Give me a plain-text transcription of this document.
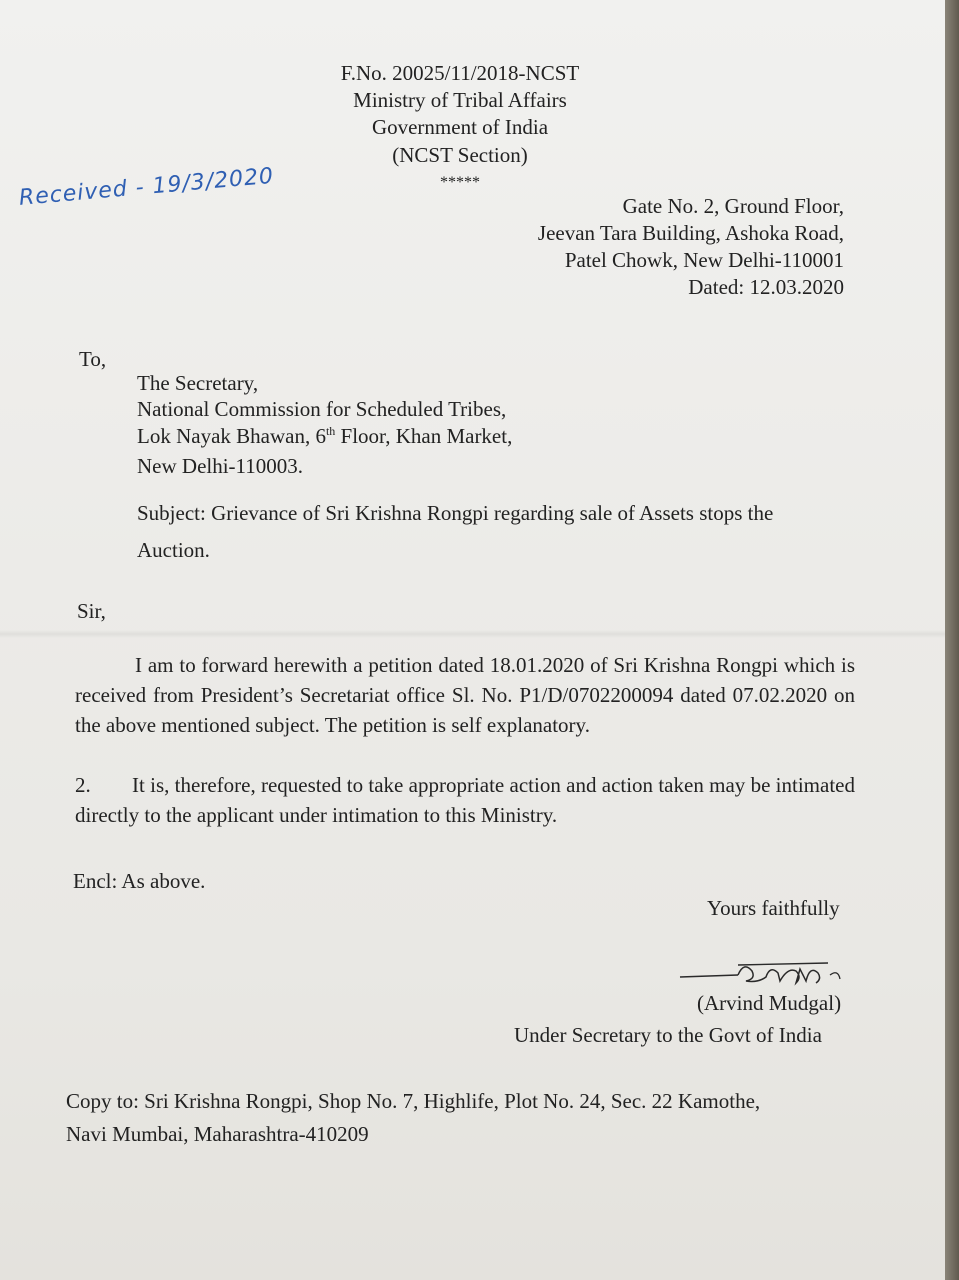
F.No. 20025/11/2018-NCST
Ministry of Tribal Affairs
Government of India
(NCST Section)
*****
Received - 19/3/2020	Gate No. 2, Ground Floor,
Jeevan Tara Building, Ashoka Road,
Patel Chowk, New Delhi-110001
Dated: 12.03.2020
To,
The Secretary,
National Commission for Scheduled Tribes,
Lok Nayak Bhawan, 6th Floor, Khan Market,
New Delhi-110003.
Subject: Grievance of Sri Krishna Rongpi regarding sale of Assets stops the
Auction.
Sir,
I am to forward herewith a petition dated 18.01.2020 of Sri Krishna Rongpi which is received from President’s Secretariat office Sl. No. P1/D/0702200094 dated 07.02.2020 on the above mentioned subject. The petition is self explanatory.
2. It is, therefore, requested to take appropriate action and action taken may be intimated directly to the applicant under intimation to this Ministry.
Encl: As above.
Yours faithfully
(Arvind Mudgal)
Under Secretary to the Govt of India
Copy to: Sri Krishna Rongpi, Shop No. 7, Highlife, Plot No. 24, Sec. 22 Kamothe,
Navi Mumbai, Maharashtra-410209
